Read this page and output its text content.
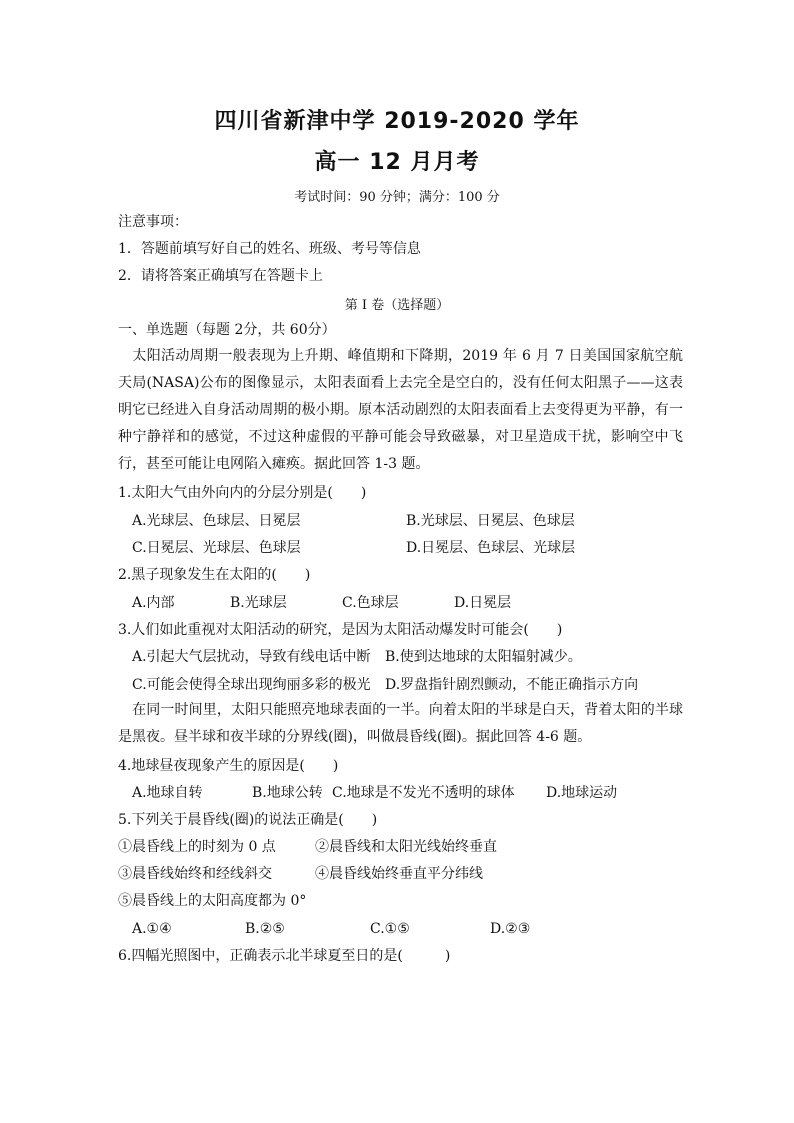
四川省新津中学 2019-2020 学年
高一 12 月月考
考试时间：90 分钟；满分：100 分
注意事项：
1．答题前填写好自己的姓名、班级、考号等信息
2．请将答案正确填写在答题卡上
第 I 卷（选择题）
一、单选题（每题 2分，共 60分）
太阳活动周期一般表现为上升期、峰值期和下降期，2019 年 6 月 7 日美国国家航空航天局(NASA)公布的图像显示，太阳表面看上去完全是空白的，没有任何太阳黑子——这表明它已经进入自身活动周期的极小期。原本活动剧烈的太阳表面看上去变得更为平静，有一种宁静祥和的感觉，不过这种虚假的平静可能会导致磁暴，对卫星造成干扰，影响空中飞行，甚至可能让电网陷入瘫痪。据此回答 1-3 题。
1.太阳大气由外向内的分层分别是(　　)
A.光球层、色球层、日冕层	B.光球层、日冕层、色球层
C.日冕层、光球层、色球层	D.日冕层、色球层、光球层
2.黑子现象发生在太阳的(　　)
A.内部	B.光球层	C.色球层	D.日冕层
3.人们如此重视对太阳活动的研究，是因为太阳活动爆发时可能会(　　)
A.引起大气层扰动，导致有线电话中断 B.使到达地球的太阳辐射减少。
C.可能会使得全球出现绚丽多彩的极光 D.罗盘指针剧烈颤动，不能正确指示方向
在同一时间里，太阳只能照亮地球表面的一半。向着太阳的半球是白天，背着太阳的半球是黑夜。昼半球和夜半球的分界线(圈)，叫做晨昏线(圈)。据此回答 4-6 题。
4.地球昼夜现象产生的原因是(　　)
A.地球自转	B.地球公转 C.地球是不发光不透明的球体 D.地球运动
5.下列关于晨昏线(圈)的说法正确是(　　)
①晨昏线上的时刻为 0 点	②晨昏线和太阳光线始终垂直
③晨昏线始终和经线斜交	④晨昏线始终垂直平分纬线
⑤晨昏线上的太阳高度都为 0°
A.①④	B.②⑤	C.①⑤	D.②③
6.四幅光照图中，正确表示北半球夏至日的是(　　　)
